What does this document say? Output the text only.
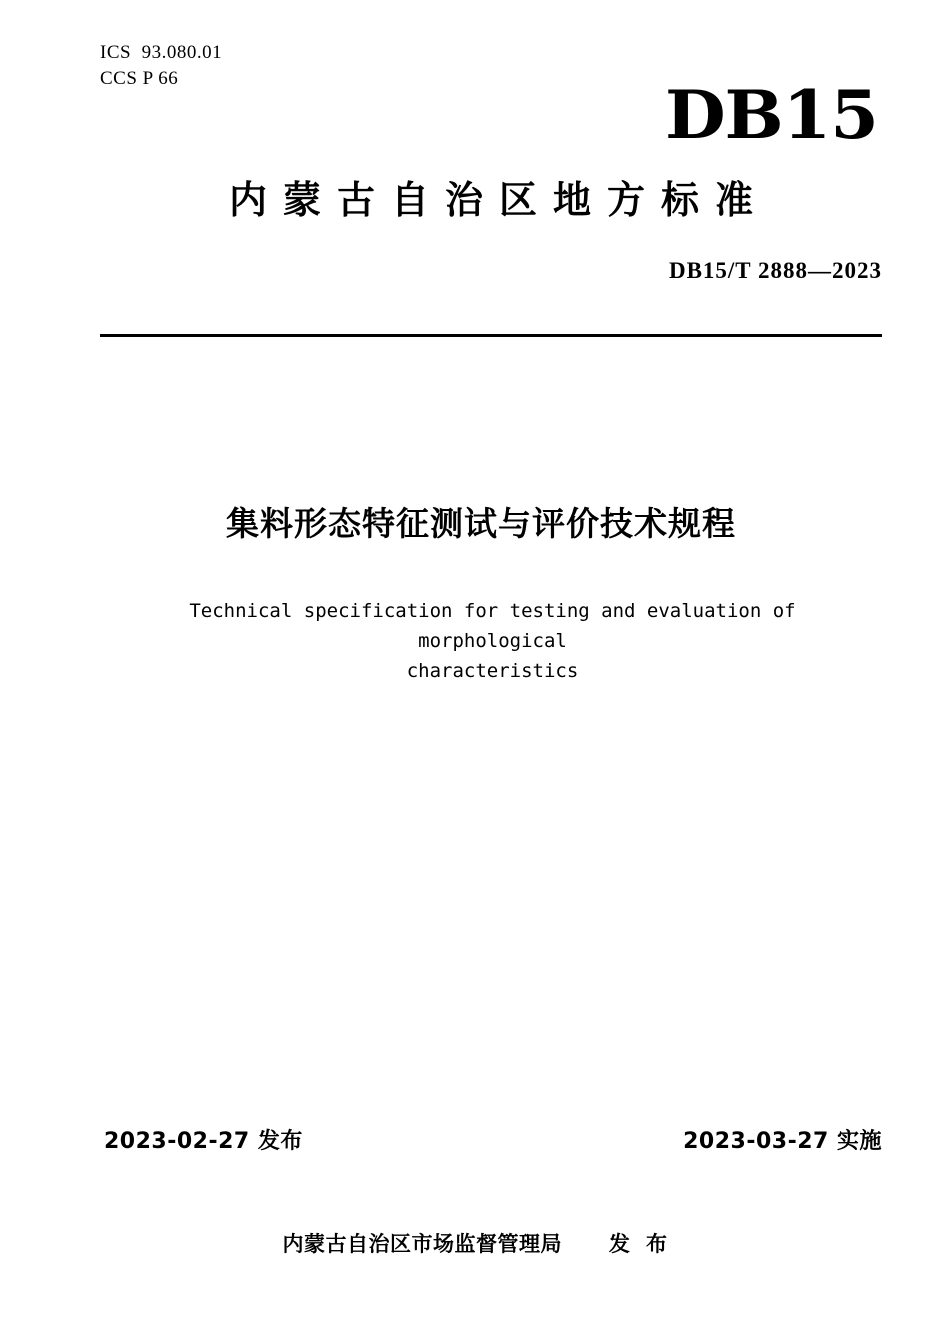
ICS  93.080.01
CCS P 66	DB15
内蒙古自治区地方标准
DB15/T 2888—2023
集料形态特征测试与评价技术规程
Technical specification for testing and evaluation of morphological
characteristics
2023-02-27 发布	2023-03-27 实施
内蒙古自治区市场监督管理局      发  布
